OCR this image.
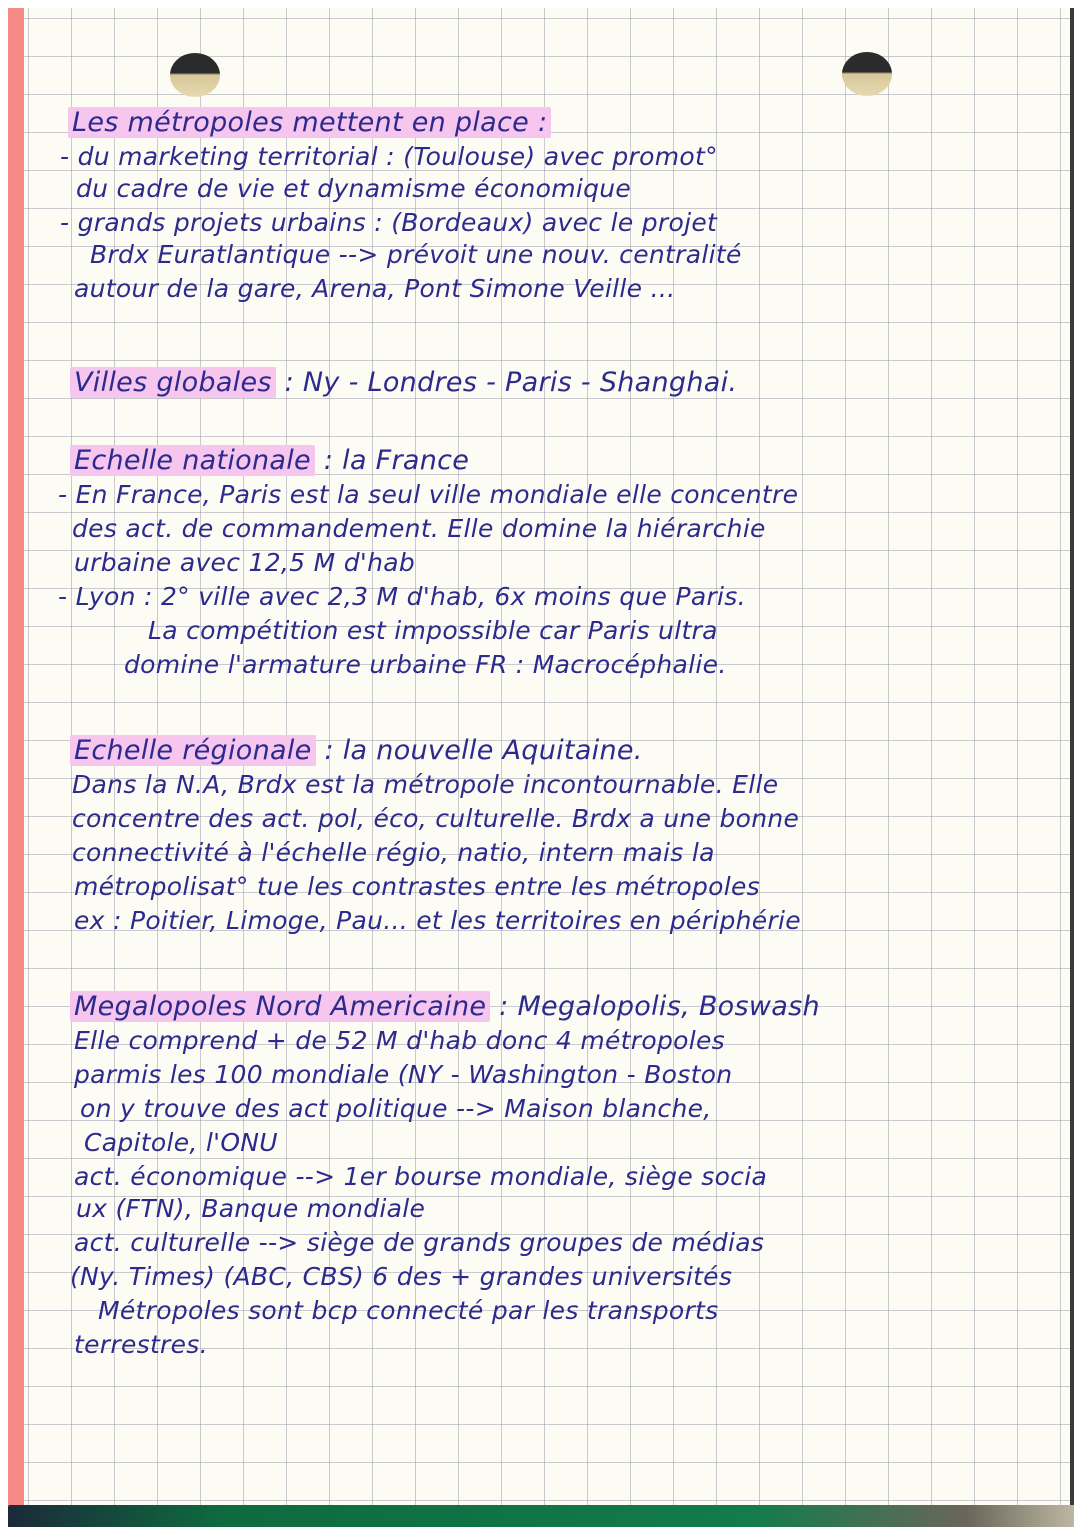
Les métropoles mettent en place :
- du marketing territorial : (Toulouse) avec promot°
du cadre de vie et dynamisme économique
- grands projets urbains : (Bordeaux) avec le projet
Brdx Euratlantique --> prévoit une nouv. centralité
autour de la gare, Arena, Pont Simone Veille ...
Villes globales : Ny - Londres - Paris - Shanghai.
Echelle nationale : la France
- En France, Paris est la seul ville mondiale elle concentre
des act. de commandement. Elle domine la hiérarchie
urbaine avec 12,5 M d'hab
- Lyon : 2° ville avec 2,3 M d'hab, 6x moins que Paris.
La compétition est impossible car Paris ultra
domine l'armature urbaine FR : Macrocéphalie.
Echelle régionale : la nouvelle Aquitaine.
Dans la N.A, Brdx est la métropole incontournable. Elle
concentre des act. pol, éco, culturelle. Brdx a une bonne
connectivité à l'échelle régio, natio, intern mais la
métropolisat° tue les contrastes entre les métropoles
ex : Poitier, Limoge, Pau... et les territoires en périphérie
Megalopoles Nord Americaine : Megalopolis, Boswash
Elle comprend + de 52 M d'hab donc 4 métropoles
parmis les 100 mondiale (NY - Washington - Boston
on y trouve des act politique --> Maison blanche,
Capitole, l'ONU
act. économique --> 1er bourse mondiale, siège socia
ux (FTN), Banque mondiale
act. culturelle --> siège de grands groupes de médias
(Ny. Times) (ABC, CBS) 6 des + grandes universités
Métropoles sont bcp connecté par les transports
terrestres.
